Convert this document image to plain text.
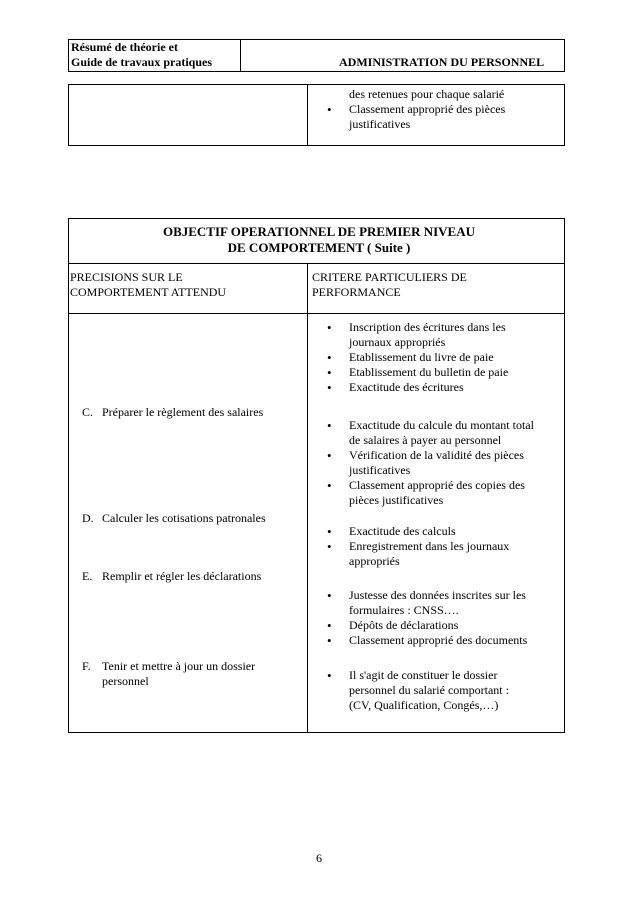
Résumé de théorie et
Guide de travaux pratiques	ADMINISTRATION DU PERSONNEL
des retenues pour chaque salarié
• Classement approprié des pièces
justificatives
OBJECTIF OPERATIONNEL DE PREMIER NIVEAU
DE COMPORTEMENT ( Suite )
PRECISIONS SUR LE
COMPORTEMENT ATTENDU
CRITERE PARTICULIERS DE
PERFORMANCE
C. Préparer le règlement des salaires
D. Calculer les cotisations patronales
E. Remplir et régler les déclarations
F. Tenir et mettre à jour un dossier
personnel
• Inscription des écritures dans les
journaux appropriés
• Etablissement du livre de paie
• Etablissement du bulletin de paie
• Exactitude des écritures
• Exactitude du calcule du montant total
de salaires à payer au personnel
• Vérification de la validité des pièces
justificatives
• Classement approprié des copies des
pièces justificatives
• Exactitude des calculs
• Enregistrement dans les journaux
appropriés
• Justesse des données inscrites sur les
formulaires : CNSS….
• Dépôts de déclarations
• Classement approprié des documents
• Il s'agit de constituer le dossier
personnel du salarié comportant :
(CV, Qualification, Congés,…)
6
